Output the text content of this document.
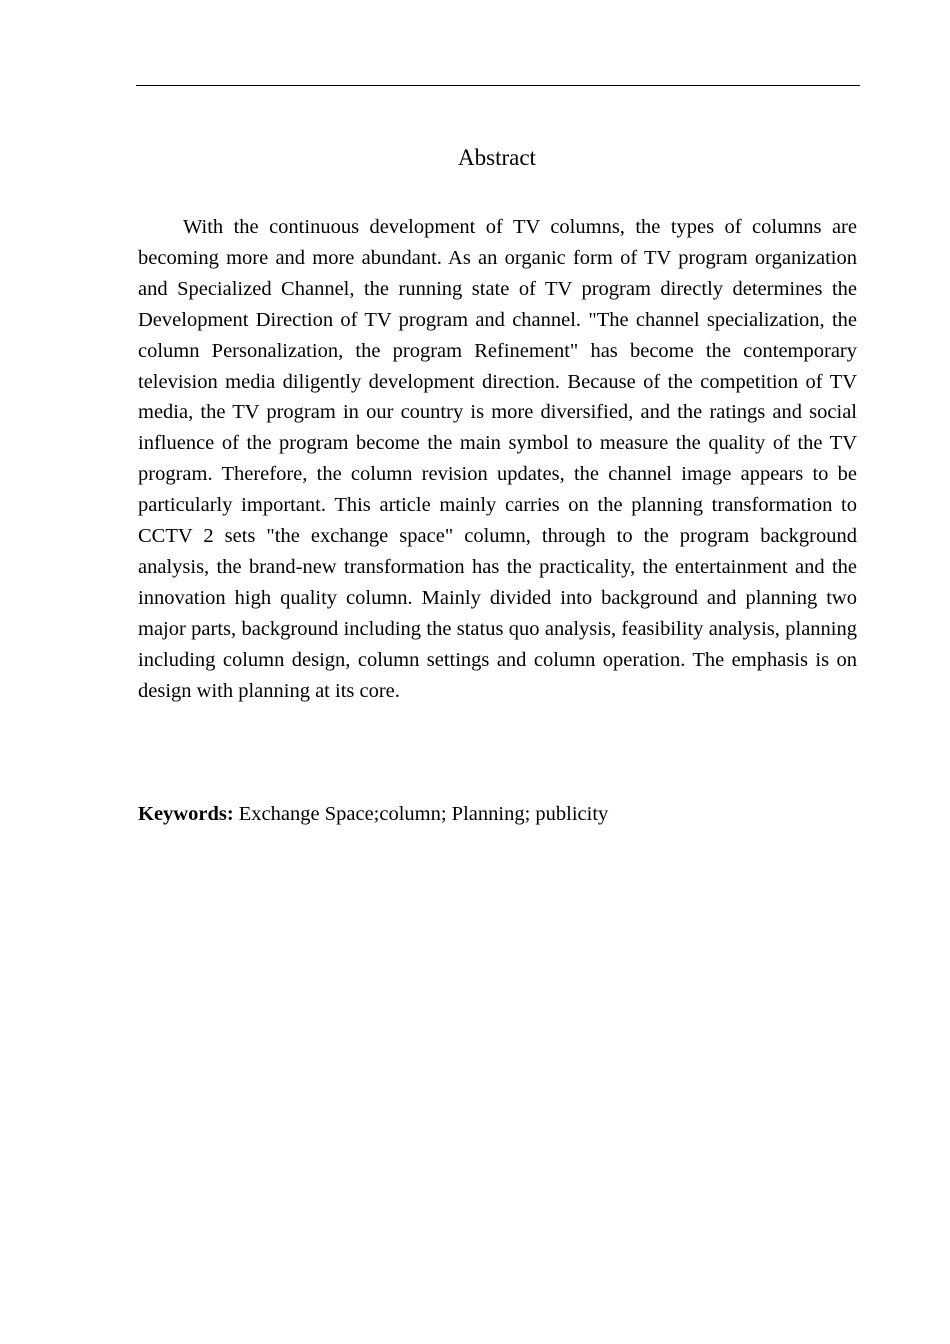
Abstract

With the continuous development of TV columns, the types of columns are becoming more and more abundant. As an organic form of TV program organization and Specialized Channel, the running state of TV program directly determines the Development Direction of TV program and channel. "The channel specialization, the column Personalization, the program Refinement" has become the contemporary television media diligently development direction. Because of the competition of TV media, the TV program in our country is more diversified, and the ratings and social influence of the program become the main symbol to measure the quality of the TV program. Therefore, the column revision updates, the channel image appears to be particularly important. This article mainly carries on the planning transformation to CCTV 2 sets "the exchange space" column, through to the program background analysis, the brand-new transformation has the practicality, the entertainment and the innovation high quality column. Mainly divided into background and planning two major parts, background including the status quo analysis, feasibility analysis, planning including column design, column settings and column operation. The emphasis is on design with planning at its core.

Keywords: Exchange Space;column; Planning; publicity
